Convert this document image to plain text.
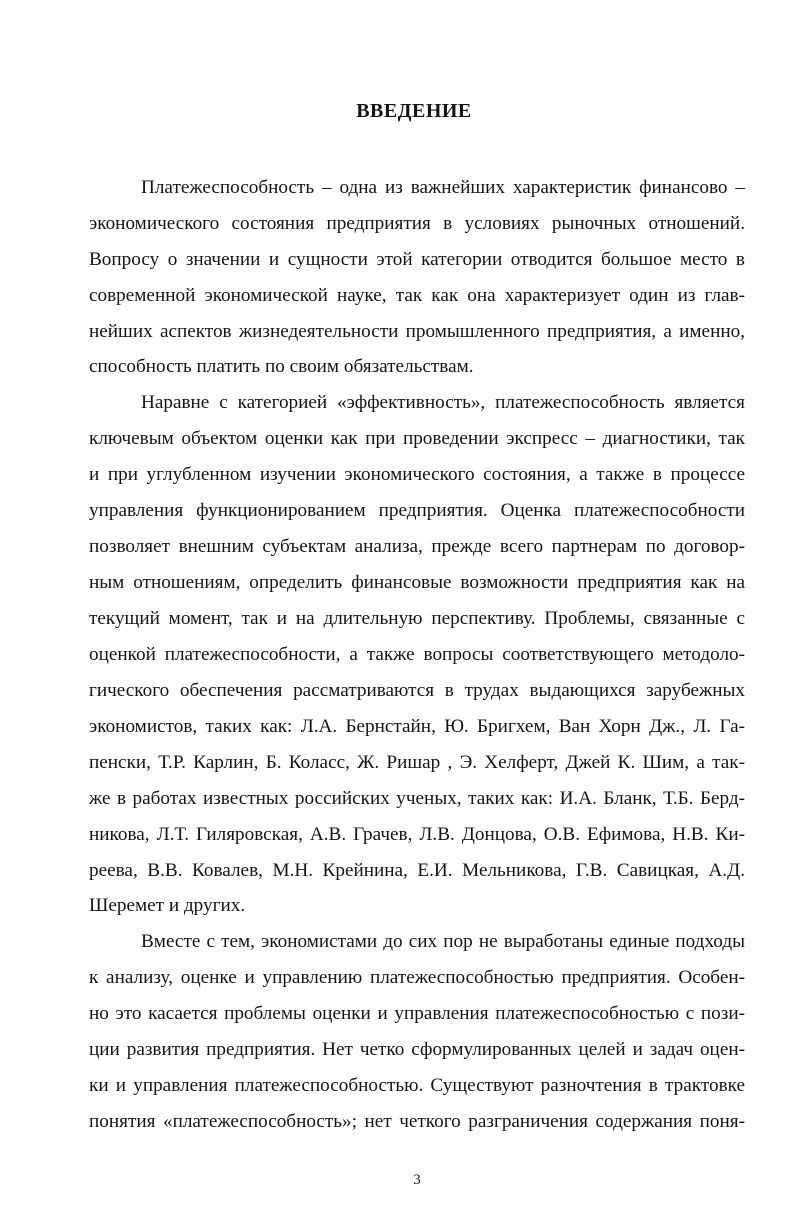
ВВЕДЕНИЕ
Платежеспособность – одна из важнейших характеристик финансово –
экономического состояния предприятия в условиях рыночных отношений.
Вопросу о значении и сущности этой категории отводится большое место в
современной экономической науке, так как она характеризует один из глав-
нейших аспектов жизнедеятельности промышленного предприятия, а именно,
способность платить по своим обязательствам.
Наравне с категорией «эффективность», платежеспособность является
ключевым объектом оценки как при проведении экспресс – диагностики, так
и при углубленном изучении экономического состояния, а также в процессе
управления функционированием предприятия. Оценка платежеспособности
позволяет внешним субъектам анализа, прежде всего партнерам по договор-
ным отношениям, определить финансовые возможности предприятия как на
текущий момент, так и на длительную перспективу. Проблемы, связанные с
оценкой платежеспособности, а также вопросы соответствующего методоло-
гического обеспечения рассматриваются в трудах выдающихся зарубежных
экономистов, таких как: Л.А. Бернстайн, Ю. Бригхем, Ван Хорн Дж., Л. Га-
пенски, Т.Р. Карлин, Б. Коласс, Ж. Ришар , Э. Хелферт, Джей К. Шим, а так-
же в работах известных российских ученых, таких как: И.А. Бланк, Т.Б. Берд-
никова, Л.Т. Гиляровская, А.В. Грачев, Л.В. Донцова, О.В. Ефимова, Н.В. Ки-
реева, В.В. Ковалев, М.Н. Крейнина, Е.И. Мельникова, Г.В. Савицкая, А.Д.
Шеремет и других.
Вместе с тем, экономистами до сих пор не выработаны единые подходы
к анализу, оценке и управлению платежеспособностью предприятия. Особен-
но это касается проблемы оценки и управления платежеспособностью с пози-
ции развития предприятия. Нет четко сформулированных целей и задач оцен-
ки и управления платежеспособностью. Существуют разночтения в трактовке
понятия «платежеспособность»; нет четкого разграничения содержания поня-
3
